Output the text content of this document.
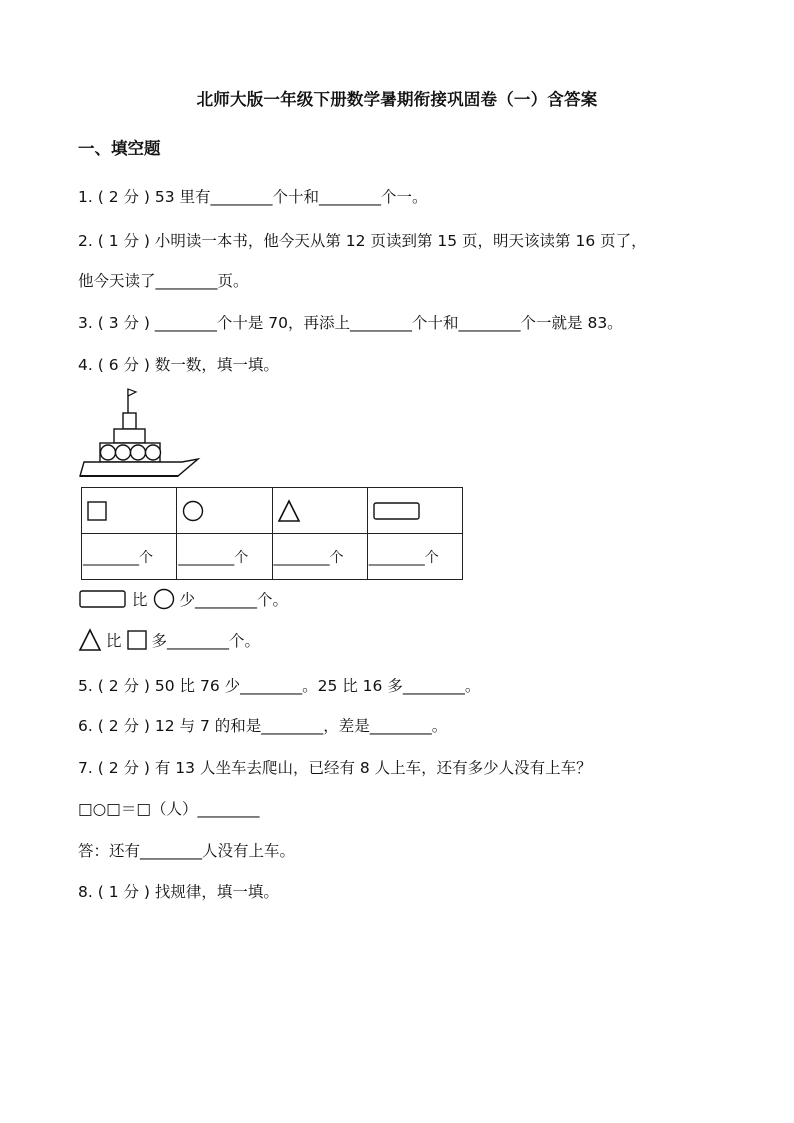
北师大版一年级下册数学暑期衔接巩固卷（一）含答案
一、填空题
1. ( 2 分 ) 53 里有________个十和________个一。
2. ( 1 分 ) 小明读一本书，他今天从第 12 页读到第 15 页，明天该读第 16 页了，
他今天读了________页。
3. ( 3 分 ) ________个十是 70，再添上________个十和________个一就是 83。
4. ( 6 分 ) 数一数，填一填。

________个	________个	________个	________个
比 少________个。
比 多________个。
5. ( 2 分 ) 50 比 76 少________。25 比 16 多________。
6. ( 2 分 ) 12 与 7 的和是________，差是________。
7. ( 2 分 ) 有 13 人坐车去爬山，已经有 8 人上车，还有多少人没有上车？
□○□＝□（人）________
答：还有________人没有上车。
8. ( 1 分 ) 找规律，填一填。
